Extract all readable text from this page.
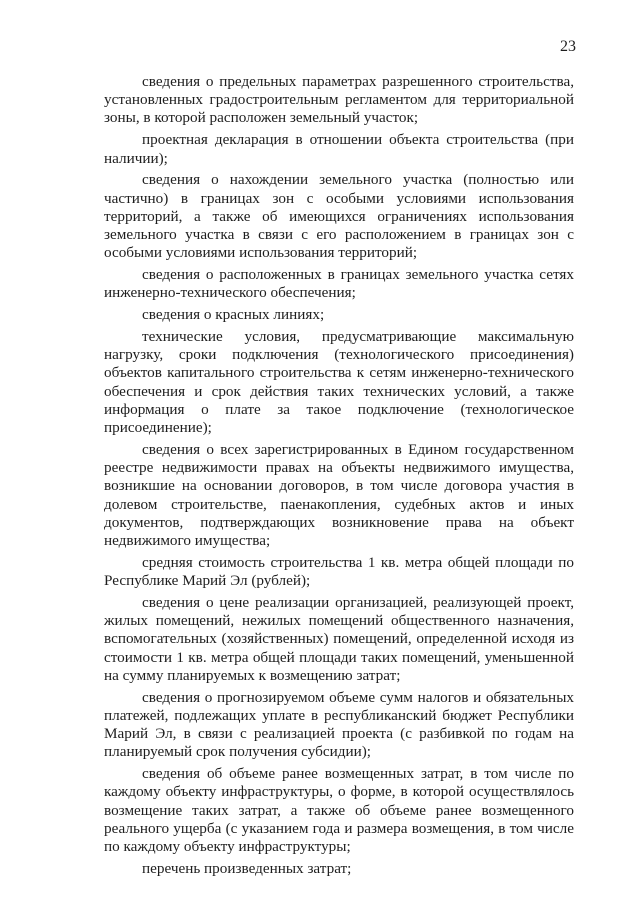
23

сведения о предельных параметрах разрешенного строительства, установленных градостроительным регламентом для территориальной зоны, в которой расположен земельный участок;

проектная декларация в отношении объекта строительства (при наличии);

сведения о нахождении земельного участка (полностью или частично) в границах зон с особыми условиями использования территорий, а также об имеющихся ограничениях использования земельного участка в связи с его расположением в границах зон с особыми условиями использования территорий;

сведения о расположенных в границах земельного участка сетях инженерно-технического обеспечения;

сведения о красных линиях;

технические условия, предусматривающие максимальную нагрузку, сроки подключения (технологического присоединения) объектов капитального строительства к сетям инженерно-технического обеспечения и срок действия таких технических условий, а также информация о плате за такое подключение (технологическое присоединение);

сведения о всех зарегистрированных в Едином государственном реестре недвижимости правах на объекты недвижимого имущества, возникшие на основании договоров, в том числе договора участия в долевом строительстве, паенакопления, судебных актов и иных документов, подтверждающих возникновение права на объект недвижимого имущества;

средняя стоимость строительства 1 кв. метра общей площади по Республике Марий Эл (рублей);

сведения о цене реализации организацией, реализующей проект, жилых помещений, нежилых помещений общественного назначения, вспомогательных (хозяйственных) помещений, определенной исходя из стоимости 1 кв. метра общей площади таких помещений, уменьшенной на сумму планируемых к возмещению затрат;

сведения о прогнозируемом объеме сумм налогов и обязательных платежей, подлежащих уплате в республиканский бюджет Республики Марий Эл, в связи с реализацией проекта (с разбивкой по годам на планируемый срок получения субсидии);

сведения об объеме ранее возмещенных затрат, в том числе по каждому объекту инфраструктуры, о форме, в которой осуществлялось возмещение таких затрат, а также об объеме ранее возмещенного реального ущерба (с указанием года и размера возмещения, в том числе по каждому объекту инфраструктуры;

перечень произведенных затрат;
